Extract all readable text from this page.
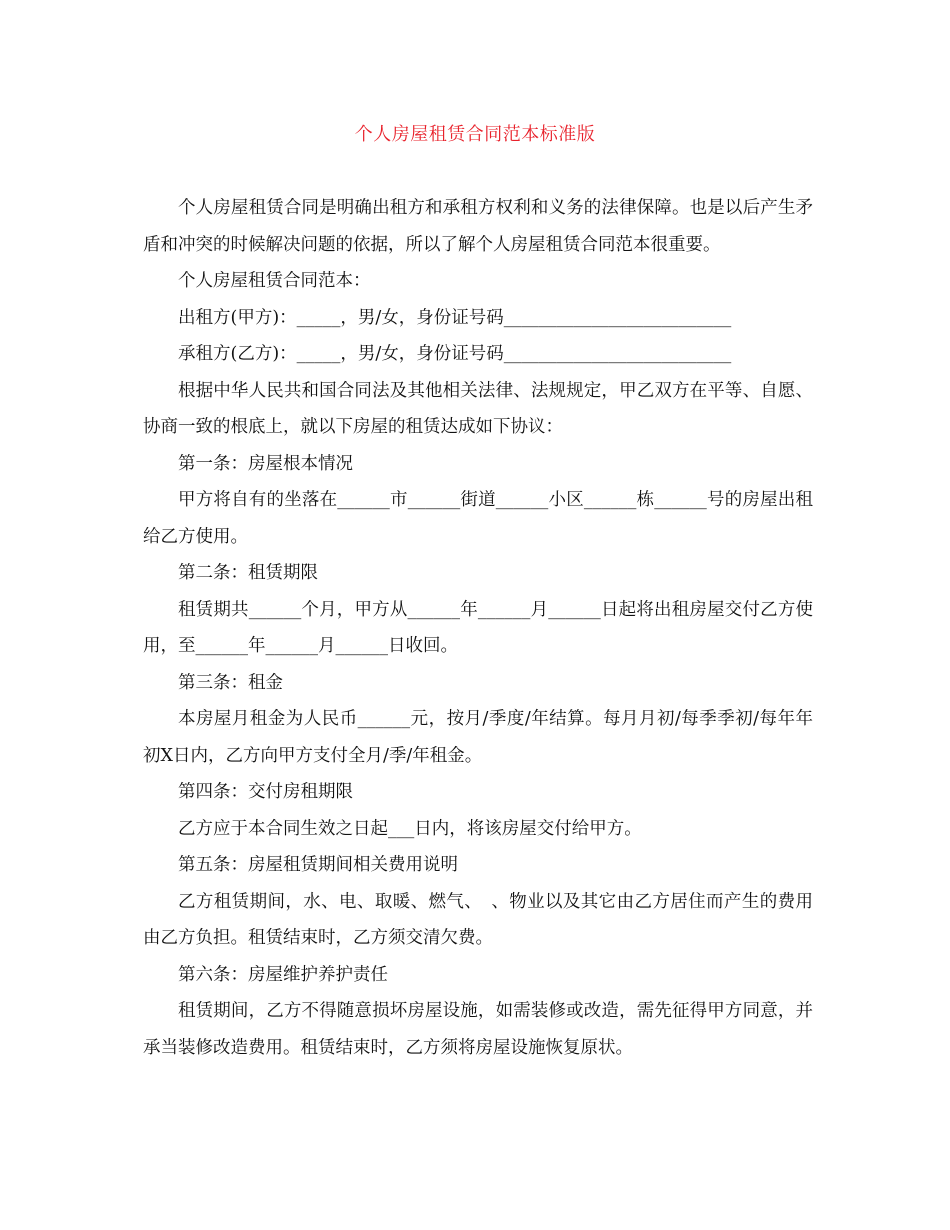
个人房屋租赁合同范本标准版

个人房屋租赁合同是明确出租方和承租方权利和义务的法律保障。也是以后产生矛盾和冲突的时候解决问题的依据，所以了解个人房屋租赁合同范本很重要。

个人房屋租赁合同范本：

出租方(甲方)：_____，男/女，身份证号码__________________________

承租方(乙方)：_____，男/女，身份证号码__________________________

根据中华人民共和国合同法及其他相关法律、法规规定，甲乙双方在平等、自愿、协商一致的根底上，就以下房屋的租赁达成如下协议：

第一条：房屋根本情况

甲方将自有的坐落在______市______街道______小区______栋______号的房屋出租给乙方使用。

第二条：租赁期限

租赁期共______个月，甲方从______年______月______日起将出租房屋交付乙方使用，至______年______月______日收回。

第三条：租金

本房屋月租金为人民币______元，按月/季度/年结算。每月月初/每季季初/每年年初X日内，乙方向甲方支付全月/季/年租金。

第四条：交付房租期限

乙方应于本合同生效之日起___日内，将该房屋交付给甲方。

第五条：房屋租赁期间相关费用说明

乙方租赁期间，水、电、取暖、燃气、　、物业以及其它由乙方居住而产生的费用由乙方负担。租赁结束时，乙方须交清欠费。

第六条：房屋维护养护责任

租赁期间，乙方不得随意损坏房屋设施，如需装修或改造，需先征得甲方同意，并承当装修改造费用。租赁结束时，乙方须将房屋设施恢复原状。
